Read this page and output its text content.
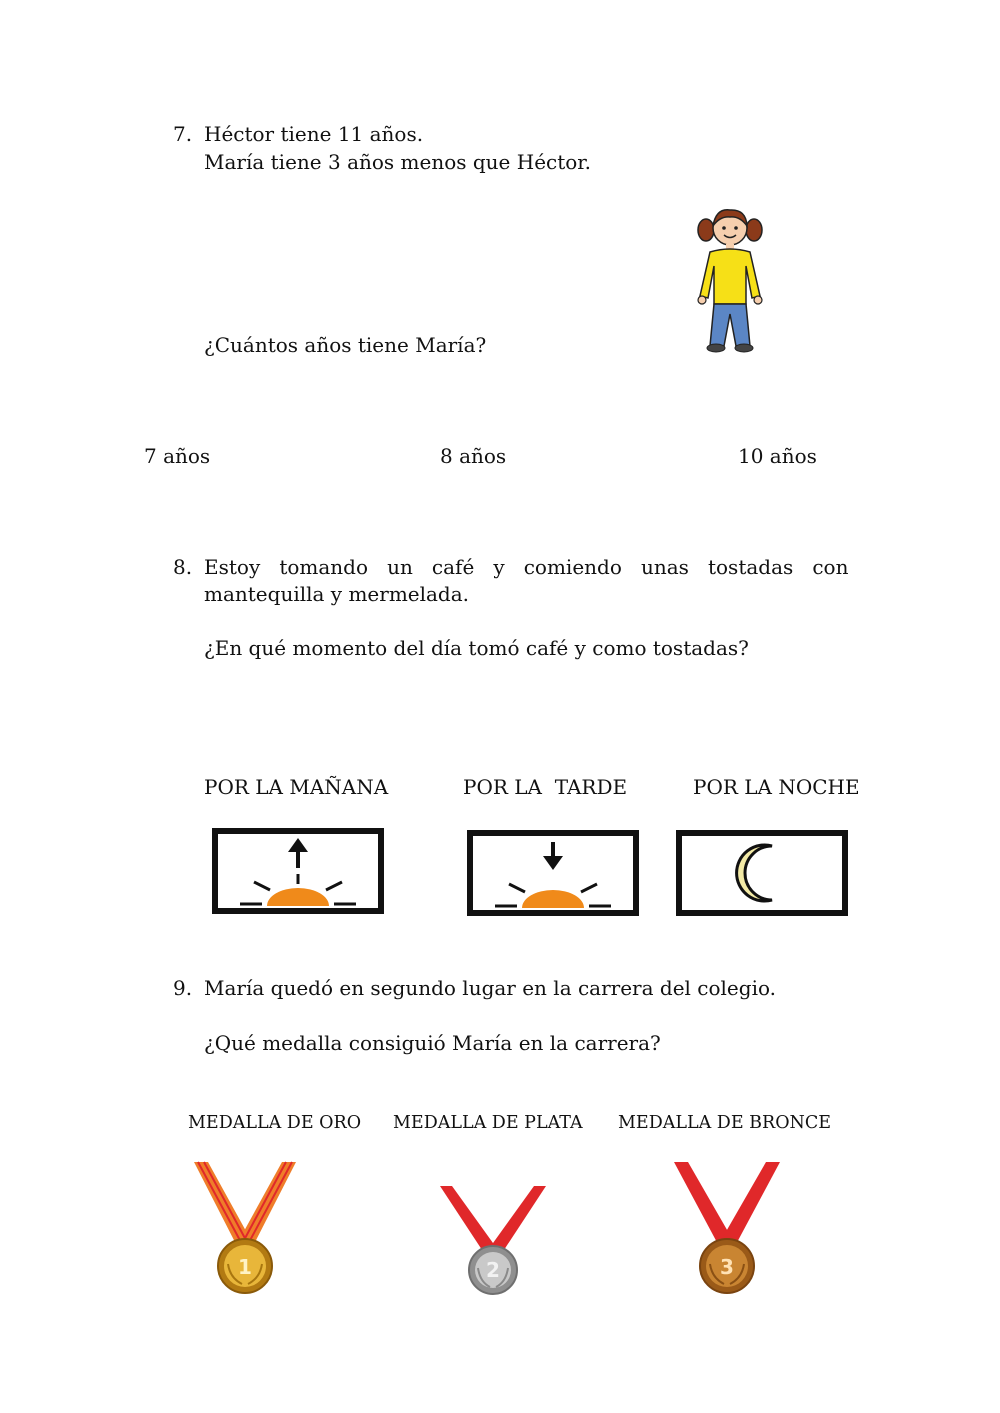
7. Héctor tiene 11 años.
María tiene 3 años menos que Héctor.
¿Cuántos años tiene María?
7 años	8 años	10 años
8. Estoy   tomando   un   café   y   comiendo   unas   tostadas   con
mantequilla y mermelada.
¿En qué momento del día tomó café y como tostadas?
POR LA MAÑANA	POR LA  TARDE	POR LA NOCHE
9. María quedó en segundo lugar en la carrera del colegio.
¿Qué medalla consiguió María en la carrera?
MEDALLA DE ORO MEDALLA DE PLATA MEDALLA DE BRONCE
1	2	3
